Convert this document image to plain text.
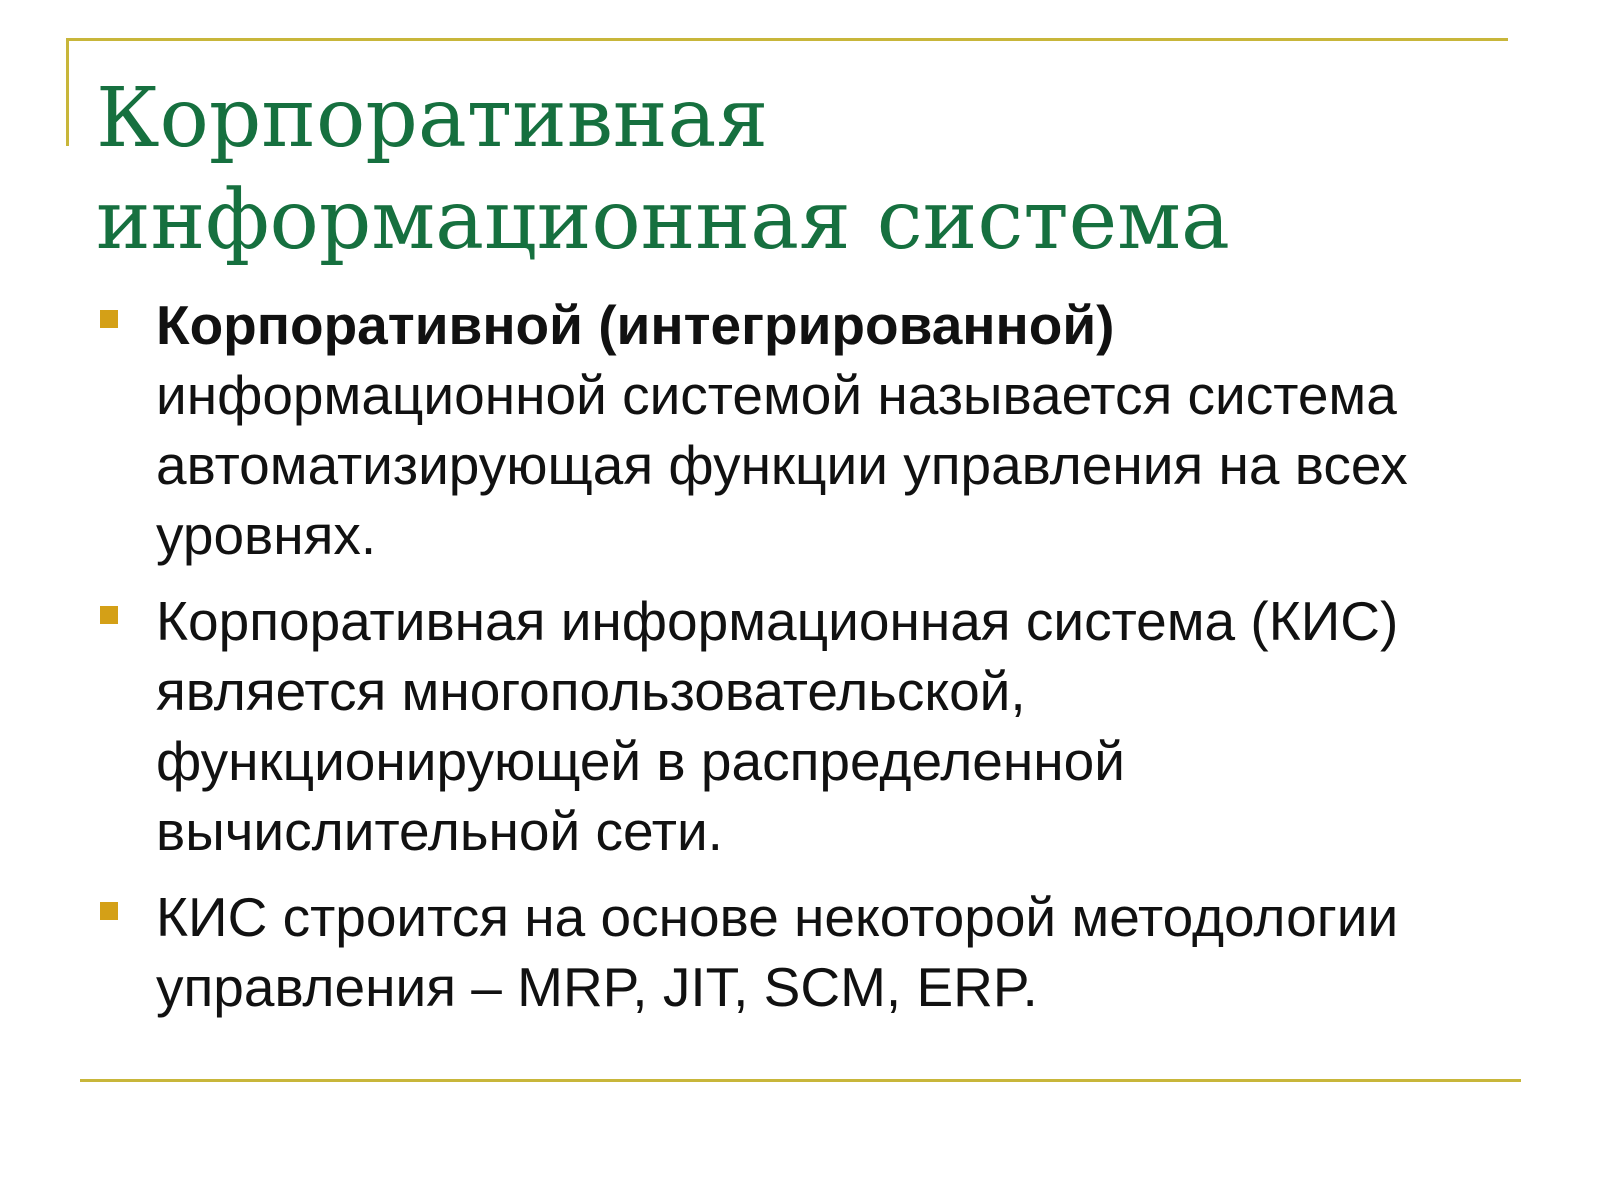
Корпоративная
информационная система
Корпоративной (интегрированной) информационной системой называется система автоматизирующая функции управления на всех уровнях.
Корпоративная информационная система (КИС) является многопользовательской, функционирующей в распределенной вычислительной сети.
КИС строится на основе некоторой методологии управления – MRP, JIT, SCM, ERP.
